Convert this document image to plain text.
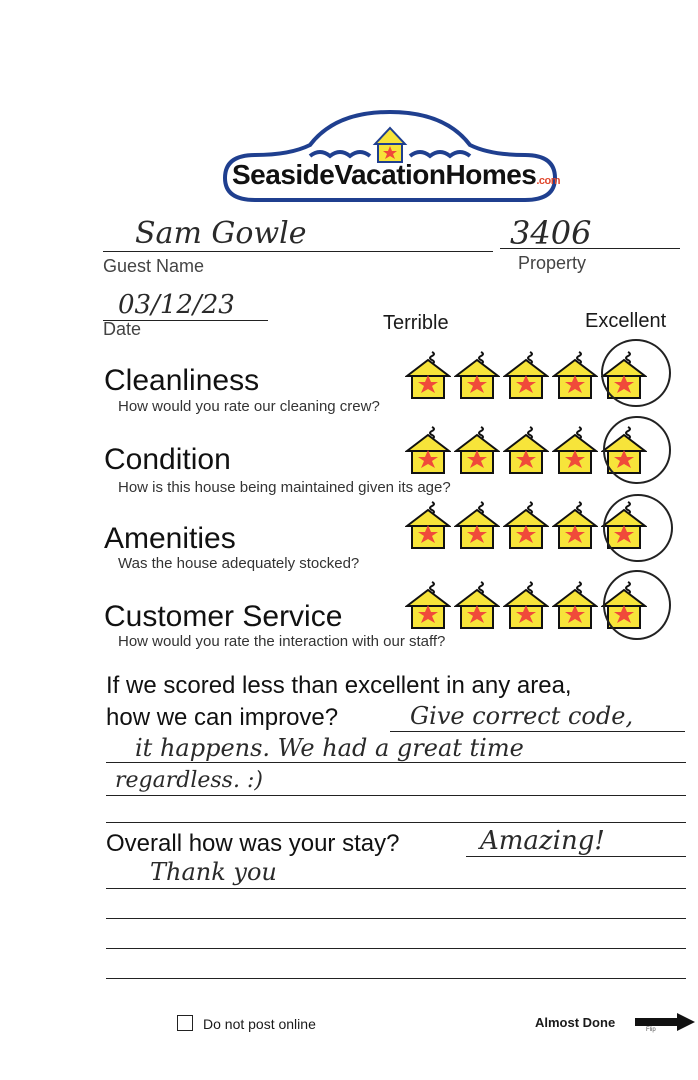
SeasideVacationHomes.com
Sam Gowle
Guest Name
3406
Property
03/12/23
Date	Terrible	Excellent
Cleanliness
How would you rate our cleaning crew?
Condition
How is this house being maintained given its age?
Amenities
Was the house adequately stocked?
Customer Service
How would you rate the interaction with our staff?
If we scored less than excellent in any area,
how we can improve?	Give correct code,
it happens. We had a great time
regardless. :)
Overall how was your stay?	Amazing!
Thank you
Do not post online	Almost Done	Flip
